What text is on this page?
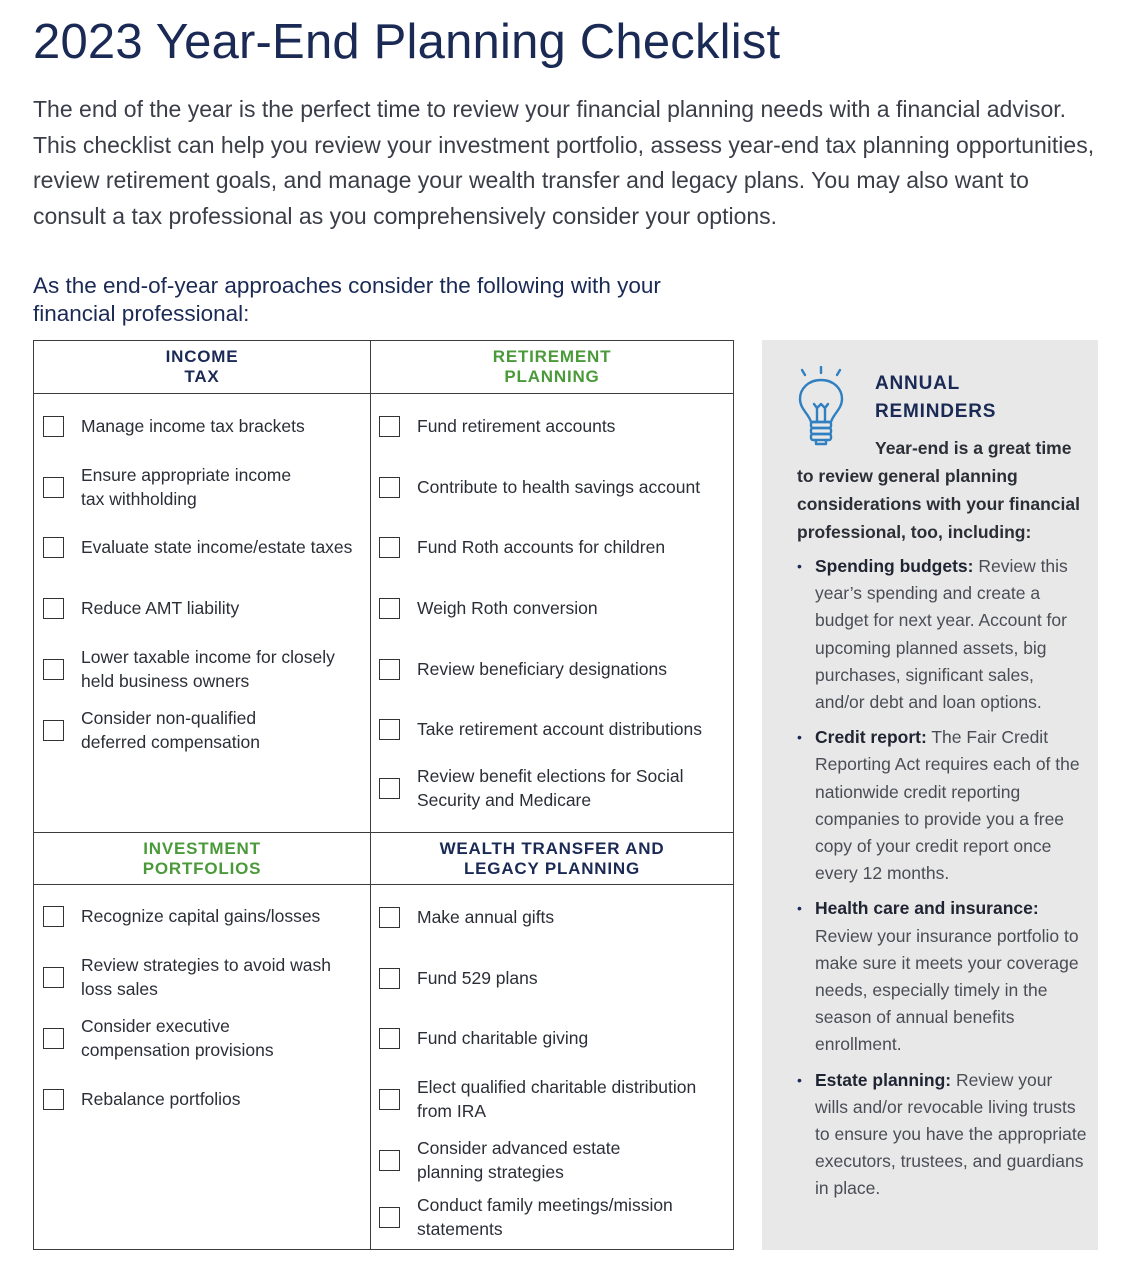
2023 Year-End Planning Checklist

The end of the year is the perfect time to review your financial planning needs with a financial advisor. This checklist can help you review your investment portfolio, assess year-end tax planning opportunities, review retirement goals, and manage your wealth transfer and legacy plans. You may also want to consult a tax professional as you comprehensively consider your options.

As the end-of-year approaches consider the following with your financial professional:
INCOME
TAX
RETIREMENT
PLANNING
INVESTMENT
PORTFOLIOS
WEALTH TRANSFER AND
LEGACY PLANNING
Manage income tax brackets
Ensure appropriate income tax withholding
Evaluate state income/estate taxes
Reduce AMT liability
Lower taxable income for closely held business owners
Consider non-qualified deferred compensation
Fund retirement accounts
Contribute to health savings account
Fund Roth accounts for children
Weigh Roth conversion
Review beneficiary designations
Take retirement account distributions
Review benefit elections for Social Security and Medicare
Recognize capital gains/losses
Review strategies to avoid wash loss sales
Consider executive compensation provisions
Rebalance portfolios
Make annual gifts
Fund 529 plans
Fund charitable giving
Elect qualified charitable distribution from IRA
Consider advanced estate planning strategies
Conduct family meetings/mission statements
ANNUAL
REMINDERS

Year-end is a great time
to review general planning considerations with your financial professional, too, including:

• Spending budgets: Review this year’s spending and create a budget for next year. Account for upcoming planned assets, big purchases, significant sales, and/or debt and loan options.
• Credit report: The Fair Credit Reporting Act requires each of the nationwide credit reporting companies to provide you a free copy of your credit report once every 12 months.
• Health care and insurance: Review your insurance portfolio to make sure it meets your coverage needs, especially timely in the season of annual benefits enrollment.
• Estate planning: Review your wills and/or revocable living trusts to ensure you have the appropriate executors, trustees, and guardians in place.
